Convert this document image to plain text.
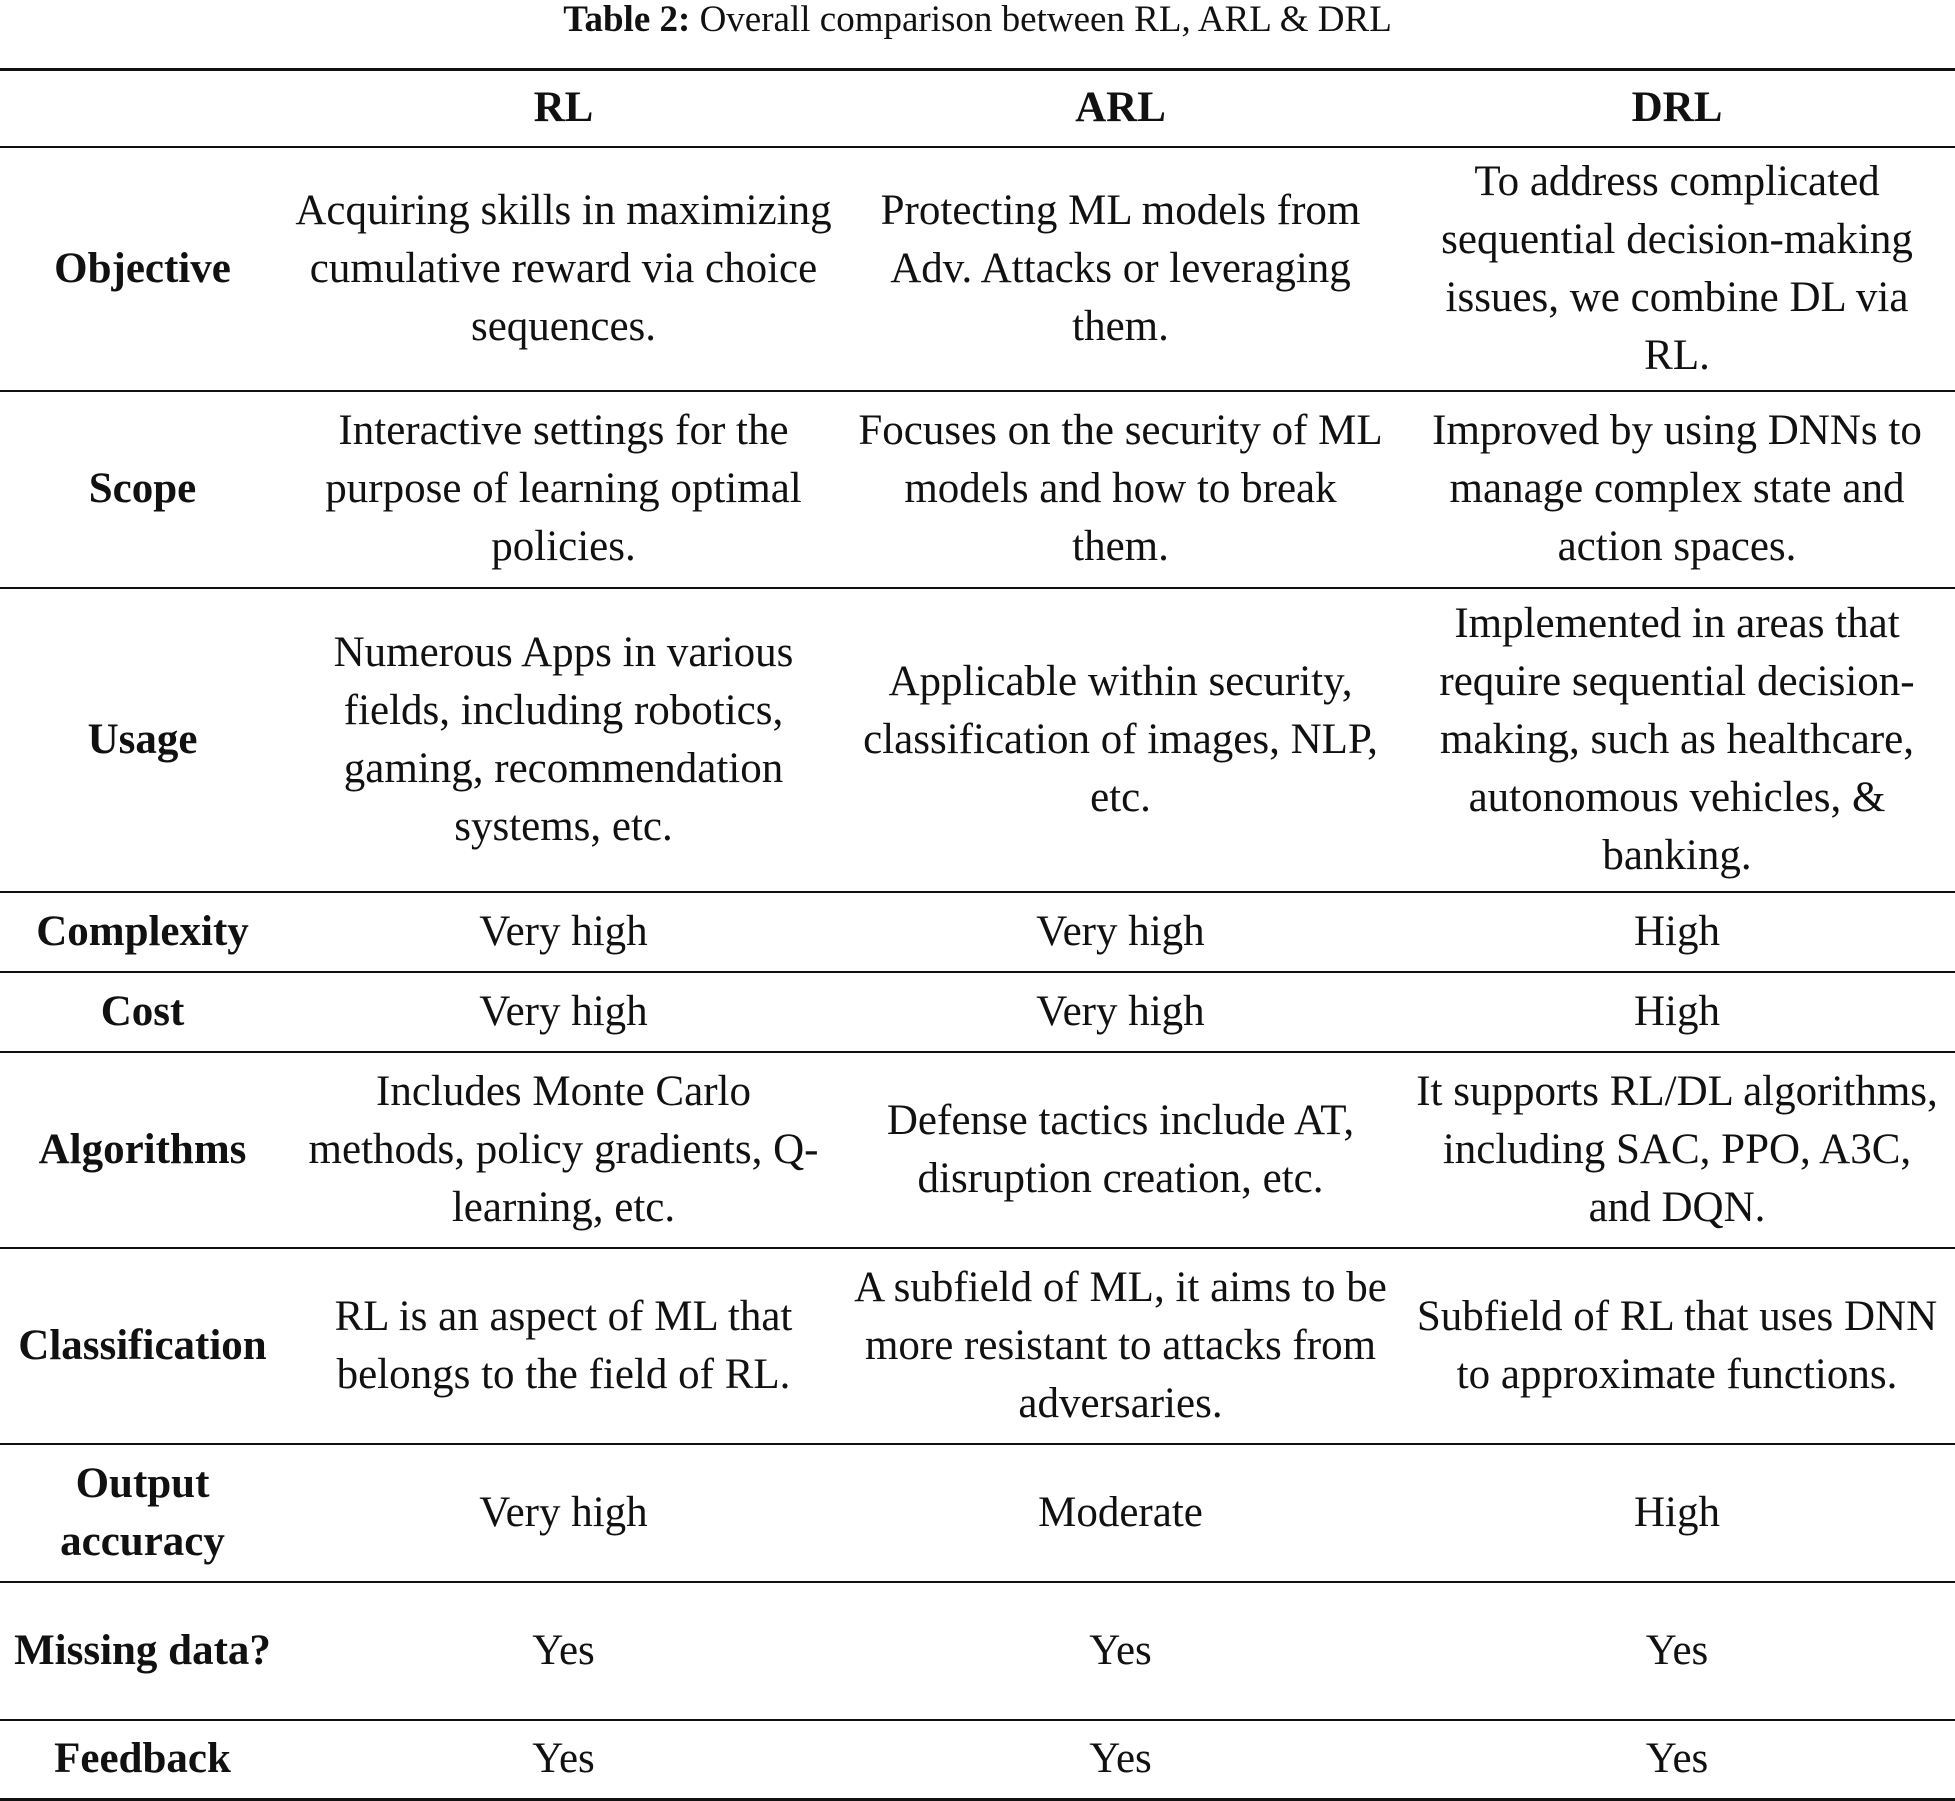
Table 2: Overall comparison between RL, ARL & DRL
	RL	ARL	DRL
Objective	Acquiring skills in maximizing cumulative reward via choice sequences.	Protecting ML models from Adv. Attacks or leveraging them.	To address complicated sequential decision-making issues, we combine DL via RL.
Scope	Interactive settings for the purpose of learning optimal policies.	Focuses on the security of ML models and how to break them.	Improved by using DNNs to manage complex state and action spaces.
Usage	Numerous Apps in various fields, including robotics, gaming, recommendation systems, etc.	Applicable within security, classification of images, NLP, etc.	Implemented in areas that require sequential decision-making, such as healthcare, autonomous vehicles, & banking.
Complexity	Very high	Very high	High
Cost	Very high	Very high	High
Algorithms	Includes Monte Carlo methods, policy gradients, Q-learning, etc.	Defense tactics include AT, disruption creation, etc.	It supports RL/DL algorithms, including SAC, PPO, A3C, and DQN.
Classification	RL is an aspect of ML that belongs to the field of RL.	A subfield of ML, it aims to be more resistant to attacks from adversaries.	Subfield of RL that uses DNN to approximate functions.
Output accuracy	Very high	Moderate	High
Missing data?	Yes	Yes	Yes
Feedback	Yes	Yes	Yes
